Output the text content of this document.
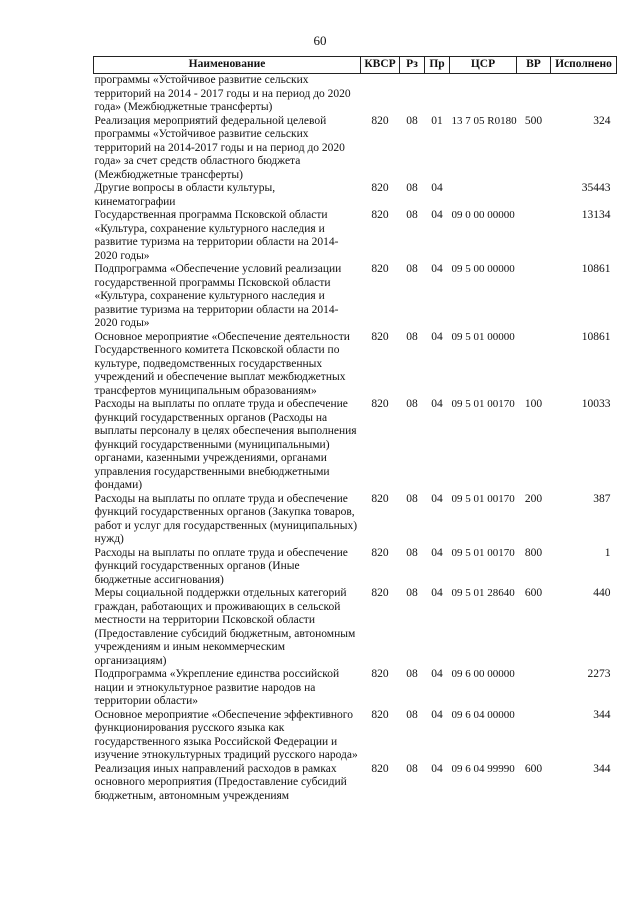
60
Наименование	КВСР	Рз	Пр	ЦСР	ВР	Исполнено
программы «Устойчивое развитие сельских территорий на 2014 - 2017 годы и на период до 2020 года» (Межбюджетные трансферты)						
Реализация мероприятий федеральной целевой программы «Устойчивое развитие сельских территорий на 2014-2017 годы и на период до 2020 года» за счет средств областного бюджета (Межбюджетные трансферты)	820	08	01	13 7 05 R0180	500	324
Другие вопросы в области культуры, кинематографии	820	08	04			35443
Государственная программа Псковской области «Культура, сохранение культурного наследия и развитие туризма на территории области на 2014-2020 годы»	820	08	04	09 0 00 00000		13134
Подпрограмма «Обеспечение условий реализации государственной программы Псковской области «Культура, сохранение культурного наследия и развитие туризма на территории области на 2014-2020 годы»	820	08	04	09 5 00 00000		10861
Основное мероприятие «Обеспечение деятельности Государственного комитета Псковской области по культуре, подведомственных государственных учреждений и обеспечение выплат межбюджетных трансфертов муниципальным образованиям»	820	08	04	09 5 01 00000		10861
Расходы на выплаты по оплате труда и обеспечение функций государственных органов (Расходы на выплаты персоналу в целях обеспечения выполнения функций государственными (муниципальными) органами, казенными учреждениями, органами управления государственными внебюджетными фондами)	820	08	04	09 5 01 00170	100	10033
Расходы на выплаты по оплате труда и обеспечение функций государственных органов (Закупка товаров, работ и услуг для государственных (муниципальных) нужд)	820	08	04	09 5 01 00170	200	387
Расходы на выплаты по оплате труда и обеспечение функций государственных органов (Иные бюджетные ассигнования)	820	08	04	09 5 01 00170	800	1
Меры социальной поддержки отдельных категорий граждан, работающих и проживающих в сельской местности на территории Псковской области (Предоставление субсидий бюджетным, автономным учреждениям и иным некоммерческим организациям)	820	08	04	09 5 01 28640	600	440
Подпрограмма «Укрепление единства российской нации и этнокультурное развитие народов на территории области»	820	08	04	09 6 00 00000		2273
Основное мероприятие «Обеспечение эффективного функционирования русского языка как государственного языка Российской Федерации и изучение этнокультурных традиций русского народа»	820	08	04	09 6 04 00000		344
Реализация иных направлений расходов в рамках основного мероприятия (Предоставление субсидий бюджетным, автономным учреждениям	820	08	04	09 6 04 99990	600	344
